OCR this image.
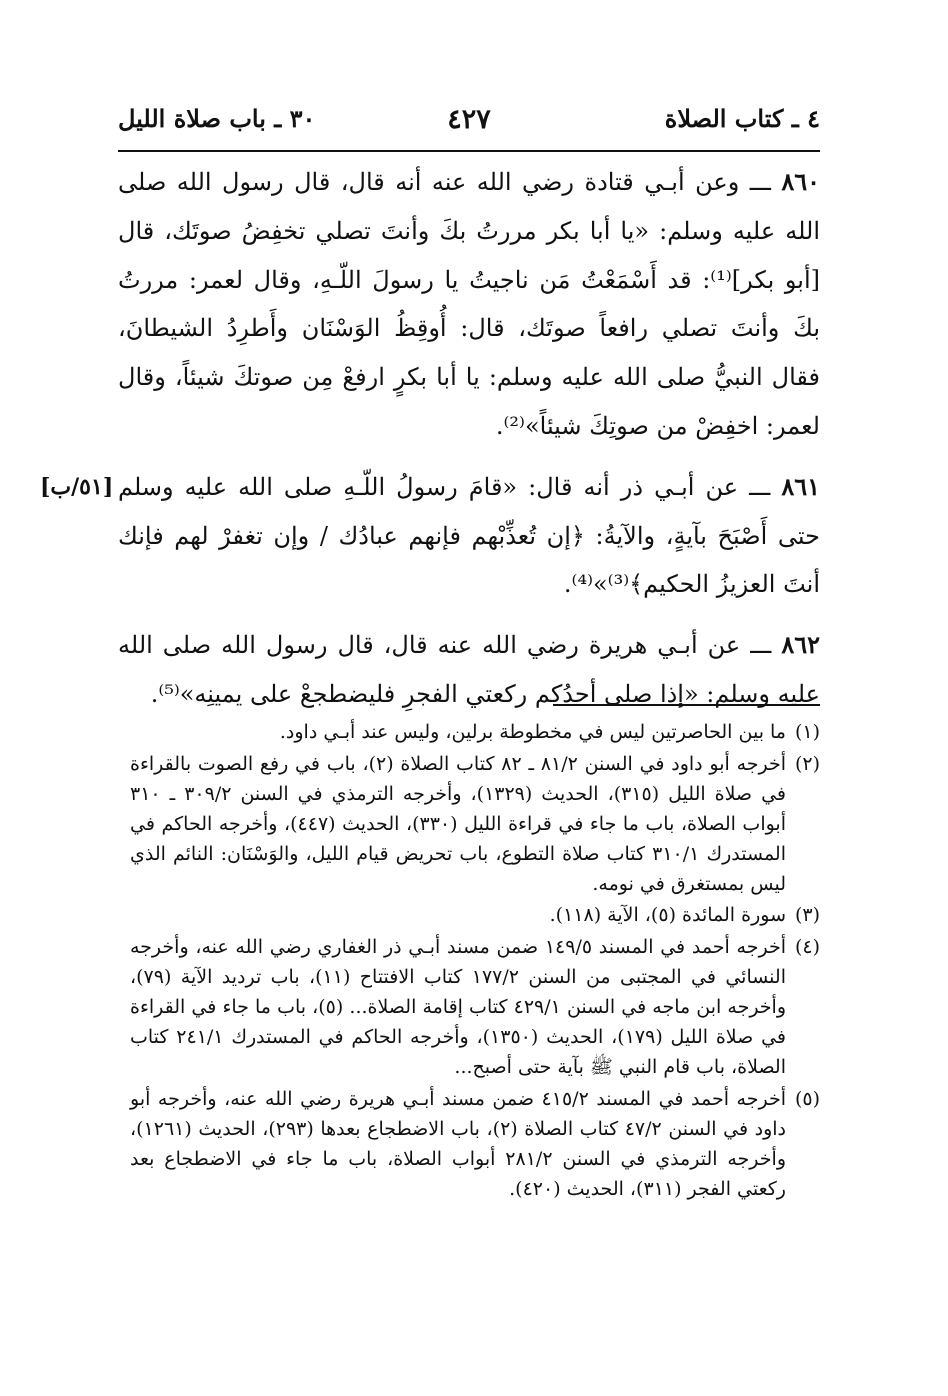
٤ ـ كتاب الصلاة
٤٢٧
٣٠ ـ باب صلاة الليل

٨٦٠ ـــ وعن أبـي قتادة رضي الله عنه أنه قال، قال رسول الله صلى الله عليه وسلم: «يا أبا بكر مررتُ بكَ وأنتَ تصلي تخفِضُ صوتَك، قال [أبو بكر]⁽¹⁾: قد أَسْمَعْتُ مَن ناجيتُ يا رسولَ اللّـهِ، وقال لعمر: مررتُ بكَ وأنتَ تصلي رافعاً صوتَك، قال: أُوقِظُ الوَسْنَان وأَطرِدُ الشيطانَ، فقال النبيُّ صلى الله عليه وسلم: يا أبا بكرٍ ارفعْ مِن صوتكَ شيئاً، وقال لعمر: اخفِضْ من صوتِكَ شيئاً»⁽²⁾.

[٥١/ب]	٨٦١ ـــ عن أبـي ذر أنه قال: «قامَ رسولُ اللّـهِ صلى الله عليه وسلم حتى أَصْبَحَ بآيةٍ، والآيةُ: ﴿إن تُعذِّبْهم فإنهم عبادُك / وإن تغفرْ لهم فإنك أنتَ العزيزُ الحكيم﴾⁽³⁾»⁽⁴⁾.

٨٦٢ ـــ عن أبـي هريرة رضي الله عنه قال، قال رسول الله صلى الله عليه وسلم: «إذا صلى أحدُكم ركعتي الفجرِ فليضطجعْ على يمينِه»⁽⁵⁾.

(١)
ما بين الحاصرتين ليس في مخطوطة برلين، وليس عند أبـي داود.
(٢)
أخرجه أبو داود في السنن ٨١/٢ ـ ٨٢ كتاب الصلاة (٢)، باب في رفع الصوت بالقراءة في صلاة الليل (٣١٥)، الحديث (١٣٢٩)، وأخرجه الترمذي في السنن ٣٠٩/٢ ـ ٣١٠ أبواب الصلاة، باب ما جاء في قراءة الليل (٣٣٠)، الحديث (٤٤٧)، وأخرجه الحاكم في المستدرك ٣١٠/١ كتاب صلاة التطوع، باب تحريض قيام الليل، والوَسْنَان: النائم الذي ليس بمستغرق في نومه.
(٣)
سورة المائدة (٥)، الآية (١١٨).
(٤)
أخرجه أحمد في المسند ١٤٩/٥ ضمن مسند أبـي ذر الغفاري رضي الله عنه، وأخرجه النسائي في المجتبى من السنن ١٧٧/٢ كتاب الافتتاح (١١)، باب ترديد الآية (٧٩)، وأخرجه ابن ماجه في السنن ٤٢٩/١ كتاب إقامة الصلاة... (٥)، باب ما جاء في القراءة في صلاة الليل (١٧٩)، الحديث (١٣٥٠)، وأخرجه الحاكم في المستدرك ٢٤١/١ كتاب الصلاة، باب قام النبي ﷺ بآية حتى أصبح...
(٥)
أخرجه أحمد في المسند ٤١٥/٢ ضمن مسند أبـي هريرة رضي الله عنه، وأخرجه أبو داود في السنن ٤٧/٢ كتاب الصلاة (٢)، باب الاضطجاع بعدها (٢٩٣)، الحديث (١٢٦١)، وأخرجه الترمذي في السنن ٢٨١/٢ أبواب الصلاة، باب ما جاء في الاضطجاع بعد ركعتي الفجر (٣١١)، الحديث (٤٢٠).
